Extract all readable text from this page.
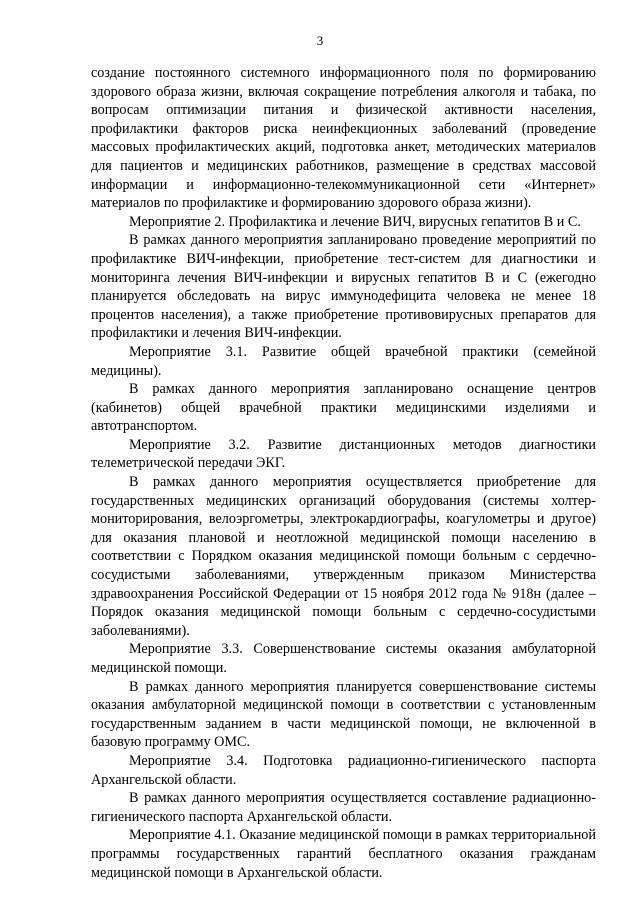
3

создание постоянного системного информационного поля по формированию здорового образа жизни, включая сокращение потребления алкоголя и табака, по вопросам оптимизации питания и физической активности населения, профилактики факторов риска неинфекционных заболеваний (проведение массовых профилактических акций, подготовка анкет, методических материалов для пациентов и медицинских работников, размещение в средствах массовой информации и информационно-телекоммуникационной сети «Интернет» материалов по профилактике и формированию здорового образа жизни).

Мероприятие 2. Профилактика и лечение ВИЧ, вирусных гепатитов В и С.

В рамках данного мероприятия запланировано проведение мероприятий по профилактике ВИЧ-инфекции, приобретение тест-систем для диагностики и мониторинга лечения ВИЧ-инфекции и вирусных гепатитов В и С (ежегодно планируется обследовать на вирус иммунодефицита человека не менее 18 процентов населения), а также приобретение противовирусных препаратов для профилактики и лечения ВИЧ-инфекции.

Мероприятие 3.1. Развитие общей врачебной практики (семейной медицины).

В рамках данного мероприятия запланировано оснащение центров (кабинетов) общей врачебной практики медицинскими изделиями и автотранспортом.

Мероприятие 3.2. Развитие дистанционных методов диагностики телеметрической передачи ЭКГ.

В рамках данного мероприятия осуществляется приобретение для государственных медицинских организаций оборудования (системы холтер-мониторирования, велоэргометры, электрокардиографы, коагулометры и другое) для оказания плановой и неотложной медицинской помощи населению в соответствии с Порядком оказания медицинской помощи больным с сердечно-сосудистыми заболеваниями, утвержденным приказом Министерства здравоохранения Российской Федерации от 15 ноября 2012 года № 918н (далее – Порядок оказания медицинской помощи больным с сердечно-сосудистыми заболеваниями).

Мероприятие 3.3. Совершенствование системы оказания амбулаторной медицинской помощи.

В рамках данного мероприятия планируется совершенствование системы оказания амбулаторной медицинской помощи в соответствии с установленным государственным заданием в части медицинской помощи, не включенной в базовую программу ОМС.

Мероприятие 3.4. Подготовка радиационно-гигиенического паспорта Архангельской области.

В рамках данного мероприятия осуществляется составление радиационно-гигиенического паспорта Архангельской области.

Мероприятие 4.1. Оказание медицинской помощи в рамках территориальной программы государственных гарантий бесплатного оказания гражданам медицинской помощи в Архангельской области.
